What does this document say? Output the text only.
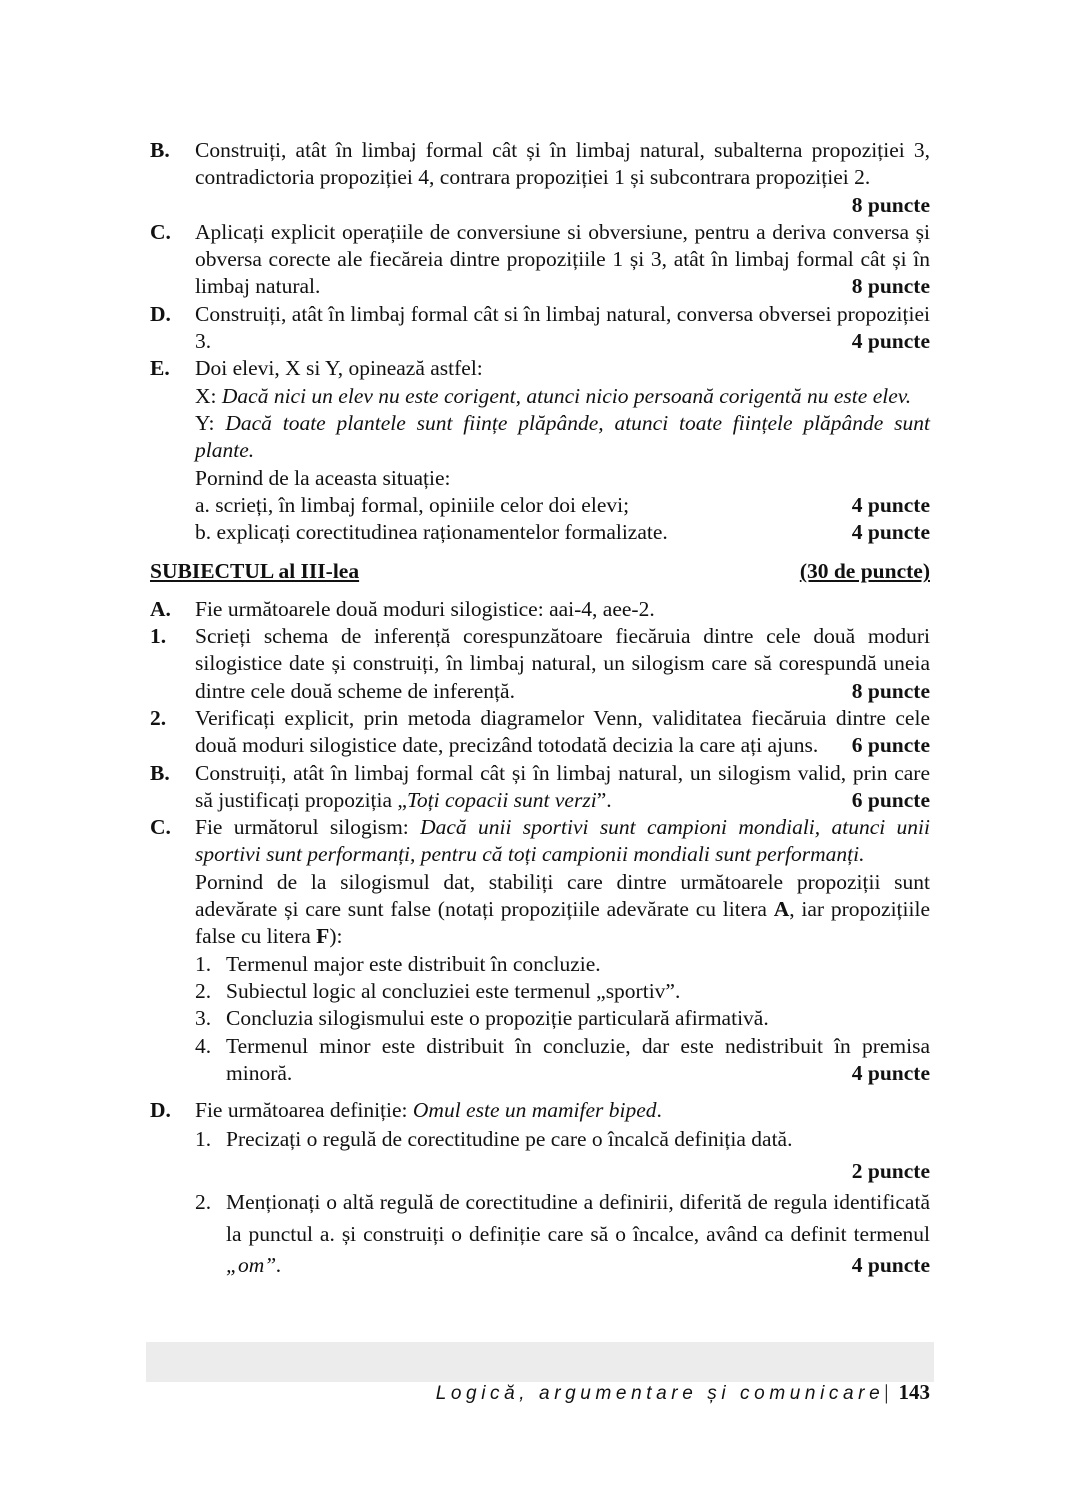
B.	Construiți, atât în limbaj formal cât și în limbaj natural, subalterna propoziției 3, contradictoria propoziției 4, contrara propoziției 1 și subcontrara propoziției 2.
8 puncte
C.	Aplicați explicit operațiile de conversiune si obversiune, pentru a deriva conversa și obversa corecte ale fiecăreia dintre propozițiile 1 și 3, atât în limbaj formal cât și în limbaj natural.	8 puncte
D.	Construiți, atât în limbaj formal cât si în limbaj natural, conversa obversei propoziției 3.	4 puncte
E.	Doi elevi, X si Y, opinează astfel:

X: Dacă nici un elev nu este corigent, atunci nicio persoană corigentă nu este elev.

Y: Dacă toate plantele sunt ființe plăpânde, atunci toate ființele plăpânde sunt plante.

Pornind de la aceasta situație:

a. scrieți, în limbaj formal, opiniile celor doi elevi;	4 puncte

b. explicați corectitudinea raționamentelor formalizate.	4 puncte

SUBIECTUL al III-lea	(30 de puncte)
A.	Fie următoarele două moduri silogistice: aai-4, aee-2.
1.	Scrieți schema de inferență corespunzătoare fiecăruia dintre cele două moduri silogistice date și construiți, în limbaj natural, un silogism care să corespundă uneia dintre cele două scheme de inferență.	8 puncte
2.	Verificați explicit, prin metoda diagramelor Venn, validitatea fiecăruia dintre cele două moduri silogistice date, precizând totodată decizia la care ați ajuns. 6 puncte
B.	Construiți, atât în limbaj formal cât și în limbaj natural, un silogism valid, prin care să justificați propoziția „Toți copacii sunt verzi”.	6 puncte
C.	Fie următorul silogism: Dacă unii sportivi sunt campioni mondiali, atunci unii sportivi sunt performanți, pentru că toți campionii mondiali sunt performanți.

Pornind de la silogismul dat, stabiliți care dintre următoarele propoziții sunt adevărate și care sunt false (notați propozițiile adevărate cu litera A, iar propozițiile false cu litera F):

1. Termenul major este distribuit în concluzie.
2. Subiectul logic al concluziei este termenul „sportiv”.
3. Concluzia silogismului este o propoziție particulară afirmativă.
4. Termenul minor este distribuit în concluzie, dar este nedistribuit în premisa minoră.	4 puncte
D.	Fie următoarea definiție: Omul este un mamifer biped.

1. Precizați o regulă de corectitudine pe care o încalcă definiția dată.

2 puncte
2. Menționați o altă regulă de corectitudine a definirii, diferită de regula identificată la punctul a. și construiți o definiție care să o încalce, având ca definit termenul „om”.	4 puncte
Logică, argumentare și comunicare| 143
